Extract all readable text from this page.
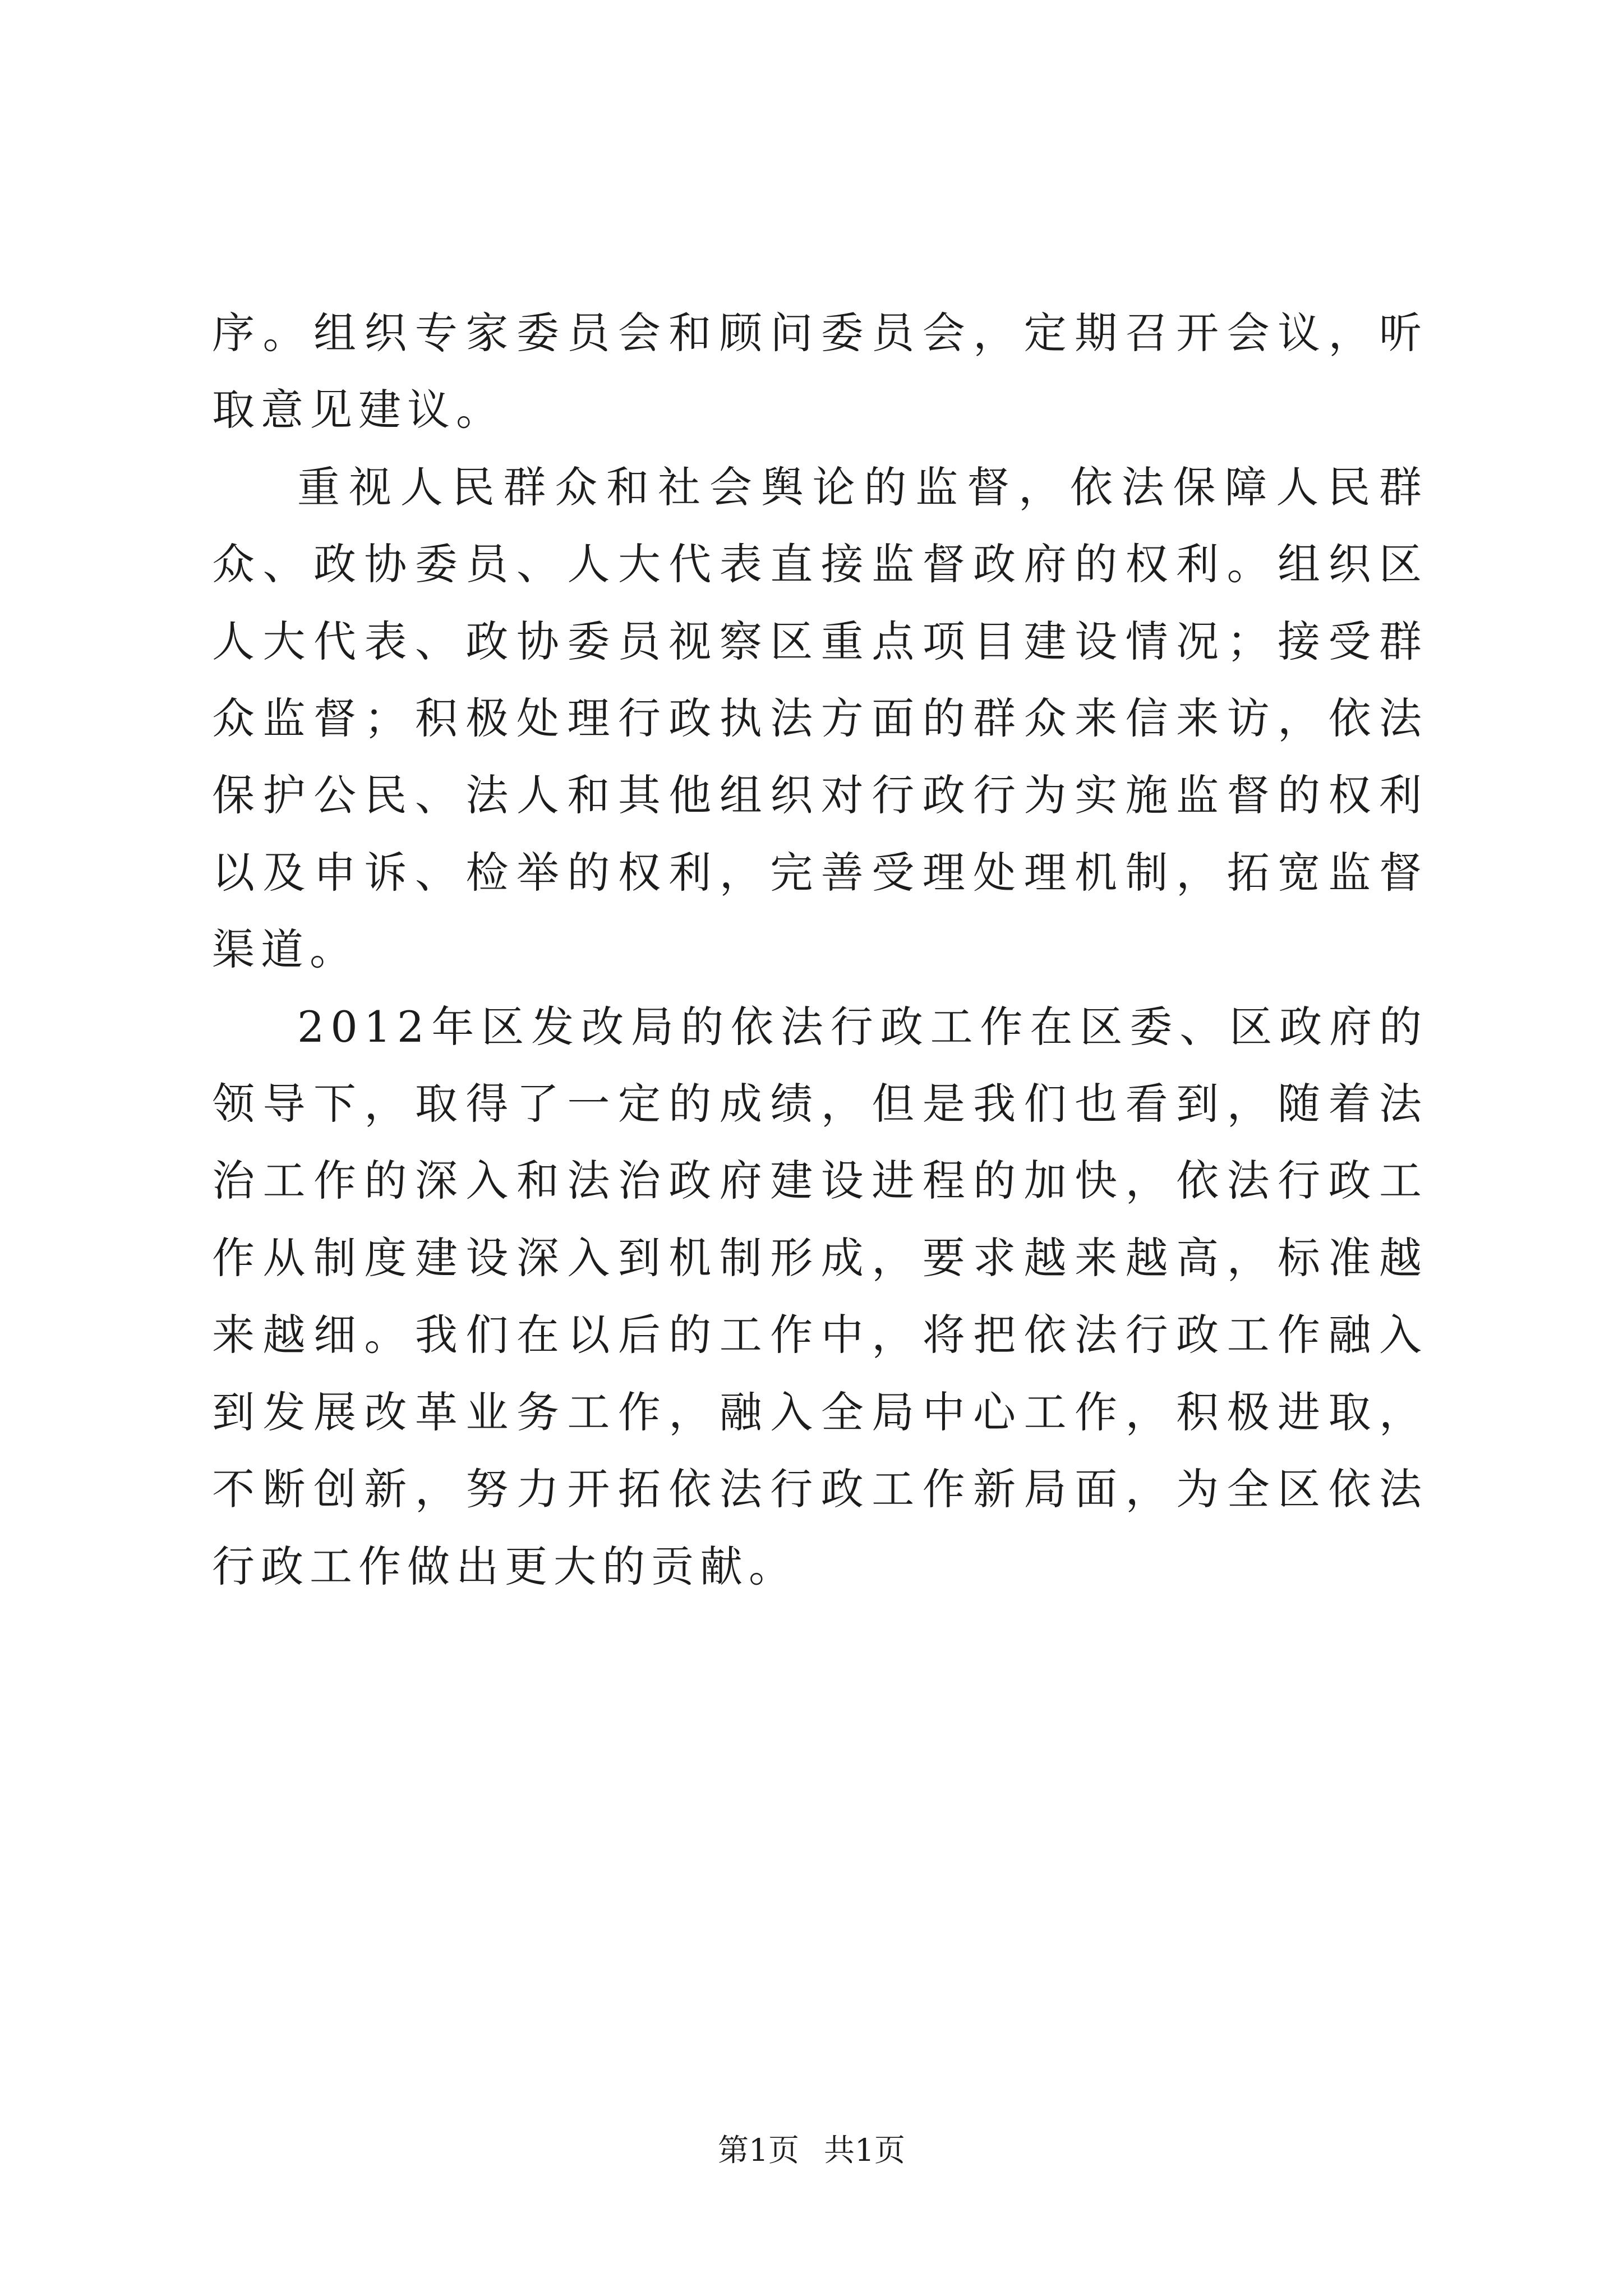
序。组织专家委员会和顾问委员会，定期召开会议，听取意见建议。

重视人民群众和社会舆论的监督，依法保障人民群众、政协委员、人大代表直接监督政府的权利。组织区人大代表、政协委员视察区重点项目建设情况；接受群众监督；积极处理行政执法方面的群众来信来访，依法保护公民、法人和其他组织对行政行为实施监督的权利以及申诉、检举的权利，完善受理处理机制，拓宽监督渠道。

2012年区发改局的依法行政工作在区委、区政府的领导下，取得了一定的成绩，但是我们也看到，随着法治工作的深入和法治政府建设进程的加快，依法行政工作从制度建设深入到机制形成，要求越来越高，标准越来越细。我们在以后的工作中，将把依法行政工作融入到发展改革业务工作，融入全局中心工作，积极进取，不断创新，努力开拓依法行政工作新局面，为全区依法行政工作做出更大的贡献。

第1页 共1页
